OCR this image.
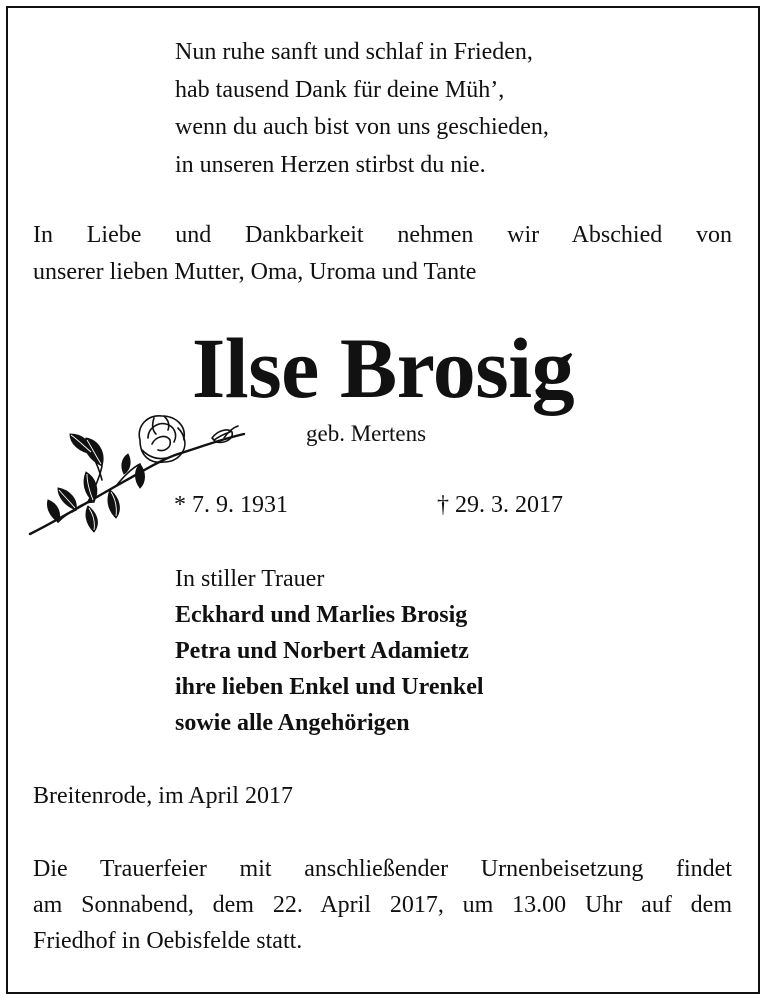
Nun ruhe sanft und schlaf in Frieden,
hab tausend Dank für deine Müh’,
wenn du auch bist von uns geschieden,
in unseren Herzen stirbst du nie.
In Liebe und Dankbarkeit nehmen wir Abschied von
unserer lieben Mutter, Oma, Uroma und Tante
Ilse Brosig
geb. Mertens
* 7. 9. 1931	† 29. 3. 2017
In stiller Trauer
Eckhard und Marlies Brosig
Petra und Norbert Adamietz
ihre lieben Enkel und Urenkel
sowie alle Angehörigen
Breitenrode, im April 2017
Die Trauerfeier mit anschließender Urnenbeisetzung findet
am Sonnabend, dem 22. April 2017, um 13.00 Uhr auf dem
Friedhof in Oebisfelde statt.
